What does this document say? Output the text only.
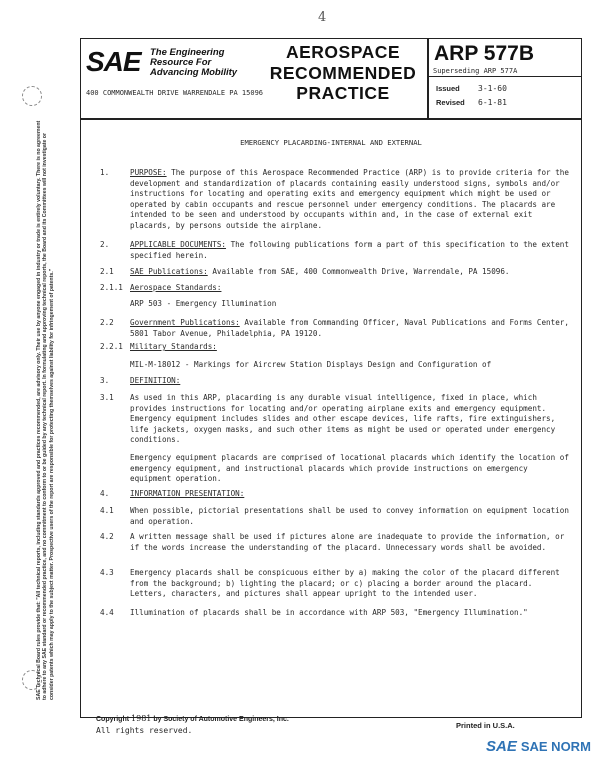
4
SAE The Engineering
Resource For
Advancing Mobility
400 COMMONWEALTH DRIVE WARRENDALE PA 15096
AEROSPACE
RECOMMENDED
PRACTICE
ARP 577B
Superseding ARP 577A
Issued 3-1-60
Revised 6-1-81
EMERGENCY PLACARDING-INTERNAL AND EXTERNAL
1.	PURPOSE: The purpose of this Aerospace Recommended Practice (ARP) is to provide criteria for the development and standardization of placards containing easily understood signs, symbols and/or instructions for locating and operating exits and emergency equipment which might be used or operated by cabin occupants and rescue personnel under emergency conditions. The placards are intended to be seen and understood by occupants within and, in the case of external exit placards, by persons outside the airplane.
2.	APPLICABLE DOCUMENTS: The following publications form a part of this specification to the extent specified herein.
2.1	SAE Publications: Available from SAE, 400 Commonwealth Drive, Warrendale, PA 15096.
2.1.1 Aerospace Standards:
ARP 503 - Emergency Illumination
2.2	Government Publications: Available from Commanding Officer, Naval Publications and Forms Center, 5801 Tabor Avenue, Philadelphia, PA 19120.
2.2.1 Military Standards:
MIL-M-18012 - Markings for Aircrew Station Displays Design and Configuration of
3.	DEFINITION:
3.1	As used in this ARP, placarding is any durable visual intelligence, fixed in place, which provides instructions for locating and/or operating airplane exits and emergency equipment. Emergency equipment includes slides and other escape devices, life rafts, fire extinguishers, life jackets, oxygen masks, and such other items as might be used or operated under emergency conditions.
Emergency equipment placards are comprised of locational placards which identify the location of emergency equipment, and instructional placards which provide instructions on emergency equipment operation.
4.	INFORMATION PRESENTATION:
4.1	When possible, pictorial presentations shall be used to convey information on equipment location and operation.
4.2	A written message shall be used if pictures alone are inadequate to provide the information, or if the words increase the understanding of the placard. Unnecessary words shall be avoided.
4.3	Emergency placards shall be conspicuous either by a) making the color of the placard different from the background; b) lighting the placard; or c) placing a border around the placard. Letters, characters, and pictures shall appear upright to the intended user.
4.4	Illumination of placards shall be in accordance with ARP 503, "Emergency Illumination."
SAE Technical Board rules provide that: "All technical reports, including standards approved and practices recommended, are advisory only. Their use by anyone engaged in industry or trade is entirely voluntary. There is no agreement to adhere to any SAE standard or recommended practice, and no commitment to conform to or be guided by any technical report. In formulating and approving technical reports, the Board and its Committees will not investigate or consider patents which may apply to the subject matter. Prospective users of the report are responsible for protecting themselves against liability for infringement of patents."
Copyright 1981 by Society of Automotive Engineers, Inc.
All rights reserved.
Printed in U.S.A.
SAE SAE NORM
